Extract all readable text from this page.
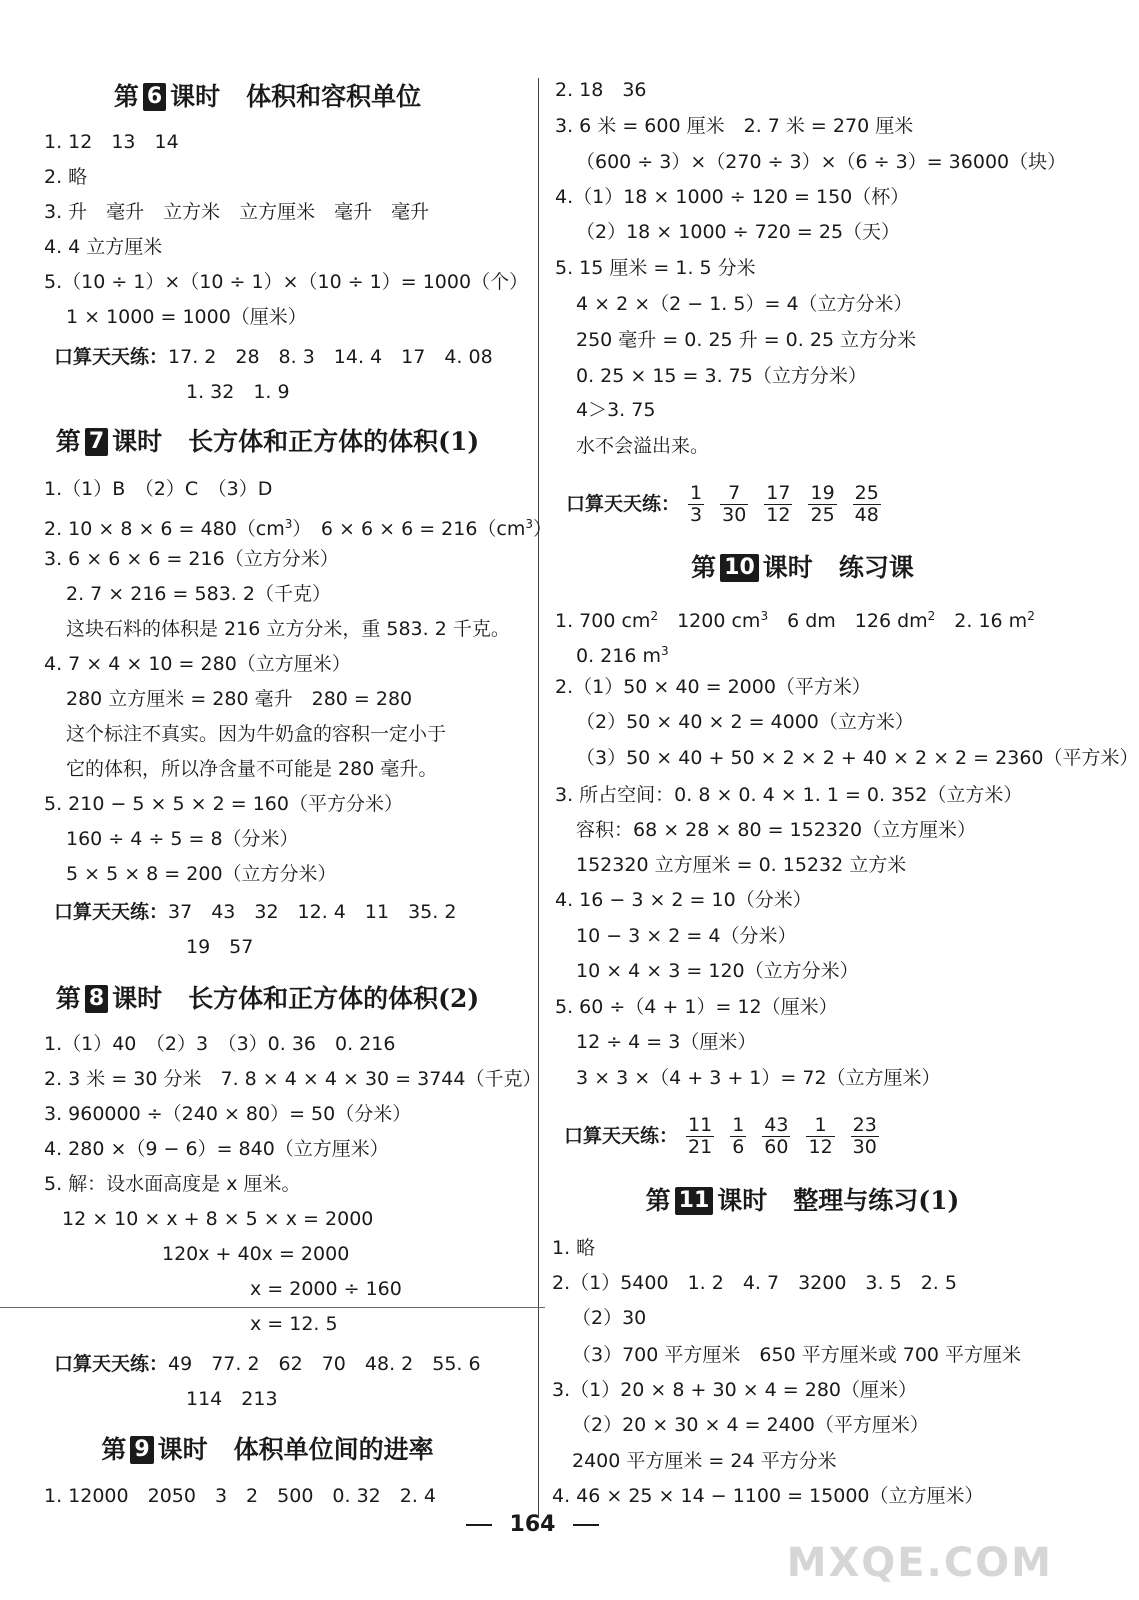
第 6 课时 体积和容积单位
1. 12　13　14
2. 略
3. 升　毫升　立方米　立方厘米　毫升　毫升
4. 4 立方厘米
5.（10 ÷ 1）×（10 ÷ 1）×（10 ÷ 1）= 1000（个）
1 × 1000 = 1000（厘米）
口算天天练：17. 2　28　8. 3　14. 4　17　4. 08
1. 32　1. 9
第 7 课时 长方体和正方体的体积(1)
1.（1）B　（2）C　（3）D
2. $10 \times 8 \times 6 = 480(cm^3)$　$6 \times 6 \times 6 = 216(cm^3)$
3. 6 × 6 × 6 = 216（立方分米）
2. 7 × 216 = 583. 2（千克）
这块石料的体积是 216 立方分米，重 583. 2 千克。
4. 7 × 4 × 10 = 280（立方厘米）
280 立方厘米 = 280 毫升　280 = 280
这个标注不真实。因为牛奶盒的容积一定小于
它的体积，所以净含量不可能是 280 毫升。
5. 210 − 5 × 5 × 2 = 160（平方分米）
160 ÷ 4 ÷ 5 = 8（分米）
5 × 5 × 8 = 200（立方分米）
口算天天练：37　43　32　12. 4　11　35. 2
19　57
第 8 课时 长方体和正方体的体积(2)
1.（1）40　（2）3　（3）0. 36　0. 216
2. 3 米 = 30 分米　7. 8 × 4 × 4 × 30 = 3744（千克）
3. 960000 ÷（240 × 80）= 50（分米）
4. 280 ×（9 − 6）= 840（立方厘米）
5. 解：设水面高度是 x 厘米。
12 × 10 × x + 8 × 5 × x = 2000
120x + 40x = 2000
x = 2000 ÷ 160
x = 12. 5
口算天天练：49　77. 2　62　70　48. 2　55. 6
114　213
第 9 课时 体积单位间的进率
1. 12000　2050　3　2　500　0. 32　2. 4
2. 18　36
3. 6 米 = 600 厘米　2. 7 米 = 270 厘米
（600 ÷ 3）×（270 ÷ 3）×（6 ÷ 3）= 36000（块）
4.（1）18 × 1000 ÷ 120 = 150（杯）
（2）18 × 1000 ÷ 720 = 25（天）
5. 15 厘米 = 1. 5 分米
4 × 2 ×（2 − 1. 5）= 4（立方分米）
250 毫升 = 0. 25 升 = 0. 25 立方分米
0. 25 × 15 = 3. 75（立方分米）
4＞3. 75
水不会溢出来。
口算天天练： $\frac{1}{3} \frac{7}{30} \frac{17}{12} \frac{19}{25} \frac{25}{48}$
第 10 课时 练习课
1. 700 $cm^2$　1200 $cm^3$　6 dm　126 $dm^2$　2. 16 $m^2$
0. 216 $m^3$
2.（1）50 × 40 = 2000（平方米）
（2）50 × 40 × 2 = 4000（立方米）
（3）50 × 40 + 50 × 2 × 2 + 40 × 2 × 2 = 2360（平方米）
3. 所占空间：0. 8 × 0. 4 × 1. 1 = 0. 352（立方米）
容积：68 × 28 × 80 = 152320（立方厘米）
152320 立方厘米 = 0. 15232 立方米
4. 16 − 3 × 2 = 10（分米）
10 − 3 × 2 = 4（分米）
10 × 4 × 3 = 120（立方分米）
5. 60 ÷（4 + 1）= 12（厘米）
12 ÷ 4 = 3（厘米）
3 × 3 ×（4 + 3 + 1）= 72（立方厘米）
口算天天练： $\frac{11}{21} \frac{1}{6} \frac{43}{60} \frac{1}{12} \frac{23}{30}$
第 11 课时 整理与练习(1)
1. 略
2.（1）5400　1. 2　4. 7　3200　3. 5　2. 5
（2）30
（3）700 平方厘米　650 平方厘米或 700 平方厘米
3.（1）20 × 8 + 30 × 4 = 280（厘米）
（2）20 × 30 × 4 = 2400（平方厘米）
2400 平方厘米 = 24 平方分米
4. 46 × 25 × 14 − 1100 = 15000（立方厘米）
164
MXQE.COM
